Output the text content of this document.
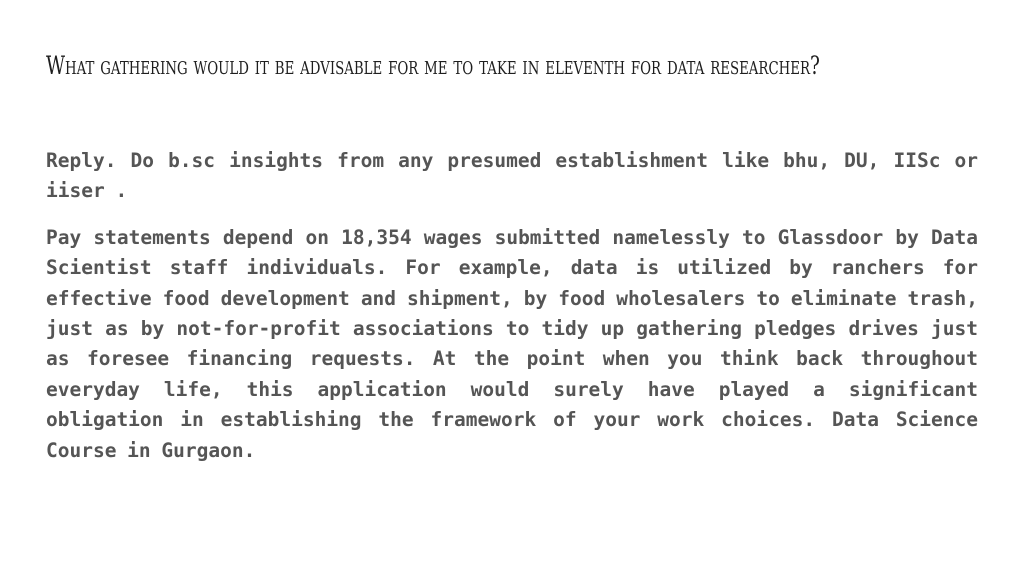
What gathering would it be advisable for me to take in eleventh for data researcher?

Reply. Do b.sc insights from any presumed establishment like bhu, DU, IISc or iiser .

Pay statements depend on 18,354 wages submitted namelessly to Glassdoor by Data Scientist staff individuals. For example, data is utilized by ranchers for effective food development and shipment, by food wholesalers to eliminate trash, just as by not-for-profit associations to tidy up gathering pledges drives just as foresee financing requests. At the point when you think back throughout everyday life, this application would surely have played a significant obligation in establishing the framework of your work choices. Data Science Course in Gurgaon.
